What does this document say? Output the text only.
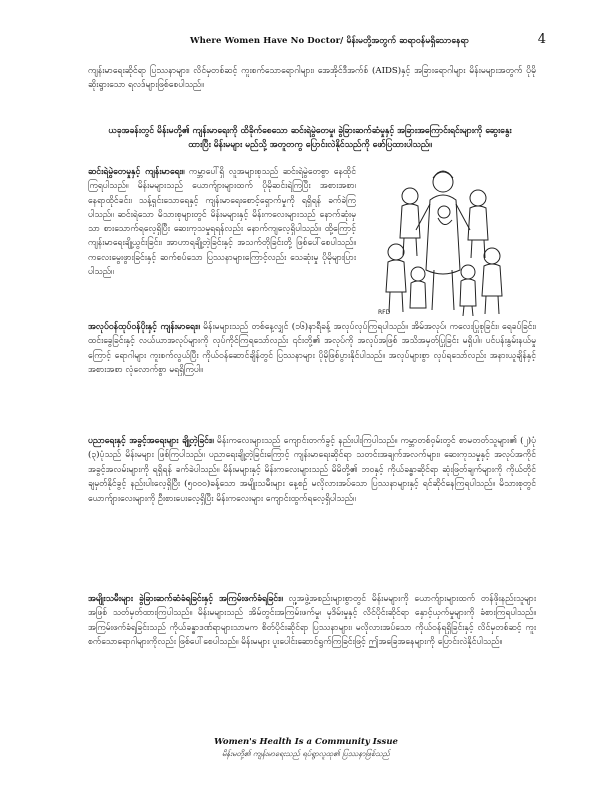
Where Women Have No Doctor/ မိန်းမတို့အတွက် ဆရာဝန်မရှိသောနေရာ	4
ကျန်းမာရေးဆိုင်ရာ ပြဿနာများ၊ လိင်မှတစ်ဆင့် ကူးစက်သောရောဂါများ၊ အေအိုင်ဒီအက်စ် (AIDS)နှင့် အခြားရောဂါများ မိန်းမများအတွက် ပိုမိုဆိုးရွားသော ရလဒ်များဖြစ်စေပါသည်။
ယခုအခန်းတွင် မိန်းမတို့၏ ကျန်းမာရေးကို ထိခိုက်စေသော ဆင်းရဲမွဲတေမှု၊ ခွဲခြားဆက်ဆံမှုနှင့် အခြားအကြောင်းရင်းများကို ဆွေးနွေးထားပြီး မိန်းမများ မည်သို့ အတူတကွ ပြောင်းလဲနိုင်သည်ကို ဖော်ပြထားပါသည်။
ဆင်းရဲမွဲတေမှုနှင့် ကျန်းမာရေး။ ကမ္ဘာပေါ်ရှိ လူအများစုသည် ဆင်းရဲမွဲတေစွာ နေထိုင်ကြရပါသည်။ မိန်းမများသည် ယောက်ျားများထက် ပိုမိုဆင်းရဲကြပြီး အစားအစာ၊ နေရာထိုင်ခင်း၊ သန့်ရှင်းသောရေနှင့် ကျန်းမာရေးစောင့်ရှောက်မှုကို ရရှိရန် ခက်ခဲကြပါသည်။ ဆင်းရဲသော မိသားစုများတွင် မိန်းမများနှင့် မိန်းကလေးများသည် နောက်ဆုံးမှသာ စားသောက်ရလေ့ရှိပြီး ဆေးကုသမှုရရန်လည်း နောက်ကျလေ့ရှိပါသည်။ ထို့ကြောင့် ကျန်းမာရေးချို့ယွင်းခြင်း၊ အာဟာရချို့တဲ့ခြင်းနှင့် အသက်တိုခြင်းတို့ ဖြစ်ပေါ်စေပါသည်။ ကလေးမွေးဖွားခြင်းနှင့် ဆက်စပ်သော ပြဿနာများကြောင့်လည်း သေဆုံးမှု ပိုမိုများပြားပါသည်။
RFD
အလုပ်ဝန်ထုပ်ဝန်ပိုးနှင့် ကျန်းမာရေး။ မိန်းမများသည် တစ်နေ့လျှင် (၁၆)နာရီခန့် အလုပ်လုပ်ကြရပါသည်။ အိမ်အလုပ်၊ ကလေးပြုစုခြင်း၊ ရေခပ်ခြင်း၊ ထင်းခွေခြင်းနှင့် လယ်ယာအလုပ်များကို လုပ်ကိုင်ကြရသော်လည်း ၎င်းတို့၏ အလုပ်ကို အလုပ်အဖြစ် အသိအမှတ်ပြုခြင်း မရှိပါ။ ပင်ပန်းနွမ်းနယ်မှုကြောင့် ရောဂါများ ကူးစက်လွယ်ပြီး ကိုယ်ဝန်ဆောင်ချိန်တွင် ပြဿနာများ ပိုမိုဖြစ်ပွားနိုင်ပါသည်။ အလုပ်များစွာ လုပ်ရသော်လည်း အနားယူချိန်နှင့် အစားအစာ လုံလောက်စွာ မရရှိကြပါ။
ပညာရေးနှင့် အခွင့်အရေးများ ချို့တဲ့ခြင်း။ မိန်းကလေးများသည် ကျောင်းတက်ခွင့် နည်းပါးကြပါသည်။ ကမ္ဘာတစ်ဝှမ်းတွင် စာမတတ်သူများ၏ (၂)ပုံ (၃)ပုံသည် မိန်းမများ ဖြစ်ကြပါသည်။ ပညာရေးချို့တဲ့ခြင်းကြောင့် ကျန်းမာရေးဆိုင်ရာ သတင်းအချက်အလက်များ၊ ဆေးကုသမှုနှင့် အလုပ်အကိုင်အခွင့်အလမ်းများကို ရရှိရန် ခက်ခဲပါသည်။ မိန်းမများနှင့် မိန်းကလေးများသည် မိမိတို့၏ ဘဝနှင့် ကိုယ်ခန္ဓာဆိုင်ရာ ဆုံးဖြတ်ချက်များကို ကိုယ်တိုင် ချမှတ်နိုင်ခွင့် နည်းပါးလေ့ရှိပြီး (၅၀၀၀)ခန့်သော အမျိုးသမီးများ နေ့စဉ် မလိုလားအပ်သော ပြဿနာများနှင့် ရင်ဆိုင်နေကြရပါသည်။ မိသားစုတွင် ယောက်ျားလေးများကို ဦးစားပေးလေ့ရှိပြီး မိန်းကလေးများ ကျောင်းထွက်ရလေ့ရှိပါသည်။
အမျိုးသမီးများ ခွဲခြားဆက်ဆံခံရခြင်းနှင့် အကြမ်းဖက်ခံရခြင်း။ လူ့အဖွဲ့အစည်းများစွာတွင် မိန်းမများကို ယောက်ျားများထက် တန်ဖိုးနည်းသူများအဖြစ် သတ်မှတ်ထားကြပါသည်။ မိန်းမများသည် အိမ်တွင်းအကြမ်းဖက်မှု၊ မုဒိမ်းမှုနှင့် လိင်ပိုင်းဆိုင်ရာ နှောင့်ယှက်မှုများကို ခံစားကြရပါသည်။ အကြမ်းဖက်ခံရခြင်းသည် ကိုယ်ခန္ဓာဒဏ်ရာများသာမက စိတ်ပိုင်းဆိုင်ရာ ပြဿနာများ၊ မလိုလားအပ်သော ကိုယ်ဝန်ရရှိခြင်းနှင့် လိင်မှတစ်ဆင့် ကူးစက်သောရောဂါများကိုလည်း ဖြစ်ပေါ်စေပါသည်။ မိန်းမများ ပူးပေါင်းဆောင်ရွက်ကြခြင်းဖြင့် ဤအခြေအနေများကို ပြောင်းလဲနိုင်ပါသည်။
Women's Health Is a Community Issue
မိန်းမတို့၏ ကျန်းမာရေးသည် ရပ်ရွာလူထု၏ ပြဿနာဖြစ်သည်
